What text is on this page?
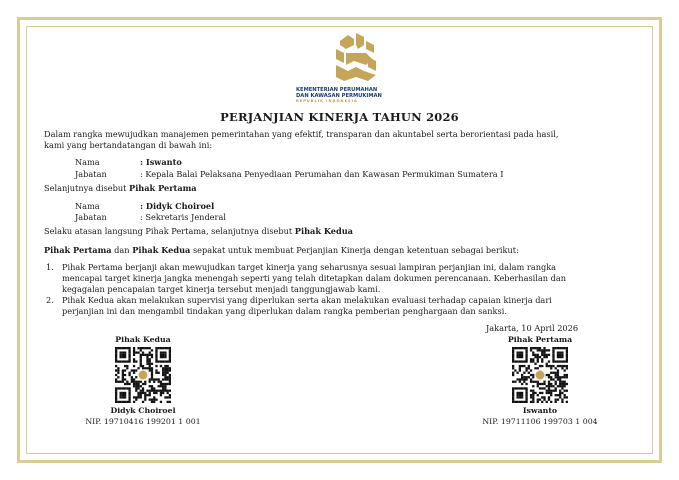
KEMENTERIAN PERUMAHAN
DAN KAWASAN PERMUKIMAN
REPUBLIK INDONESIA
PERJANJIAN KINERJA TAHUN 2026
Dalam rangka mewujudkan manajemen pemerintahan yang efektif, transparan dan akuntabel serta berorientasi pada hasil,
kami yang bertandatangan di bawah ini:
Nama	: Iswanto
Jabatan	: Kepala Balai Pelaksana Penyediaan Perumahan dan Kawasan Permukiman Sumatera I
Selanjutnya disebut Pihak Pertama
Nama	: Didyk Choiroel
Jabatan	: Sekretaris Jenderal
Selaku atasan langsung Pihak Pertama, selanjutnya disebut Pihak Kedua
Pihak Pertama dan Pihak Kedua sepakat untuk membuat Perjanjian Kinerja dengan ketentuan sebagai berikut:
1. Pihak Pertama berjanji akan mewujudkan target kinerja yang seharusnya sesuai lampiran perjanjian ini, dalam rangka
mencapai target kinerja jangka menengah seperti yang telah ditetapkan dalam dokumen perencanaan. Keberhasilan dan
kegagalan pencapaian target kinerja tersebut menjadi tanggungjawab kami.
2. Pihak Kedua akan melakukan supervisi yang diperlukan serta akan melakukan evaluasi terhadap capaian kinerja dari
perjanjian ini dan mengambil tindakan yang diperlukan dalam rangka pemberian penghargaan dan sanksi.
Jakarta, 10 April 2026
Pihak Kedua
Didyk Choiroel
NIP. 19710416 199201 1 001
Pihak Pertama
Iswanto
NIP. 19711106 199703 1 004
